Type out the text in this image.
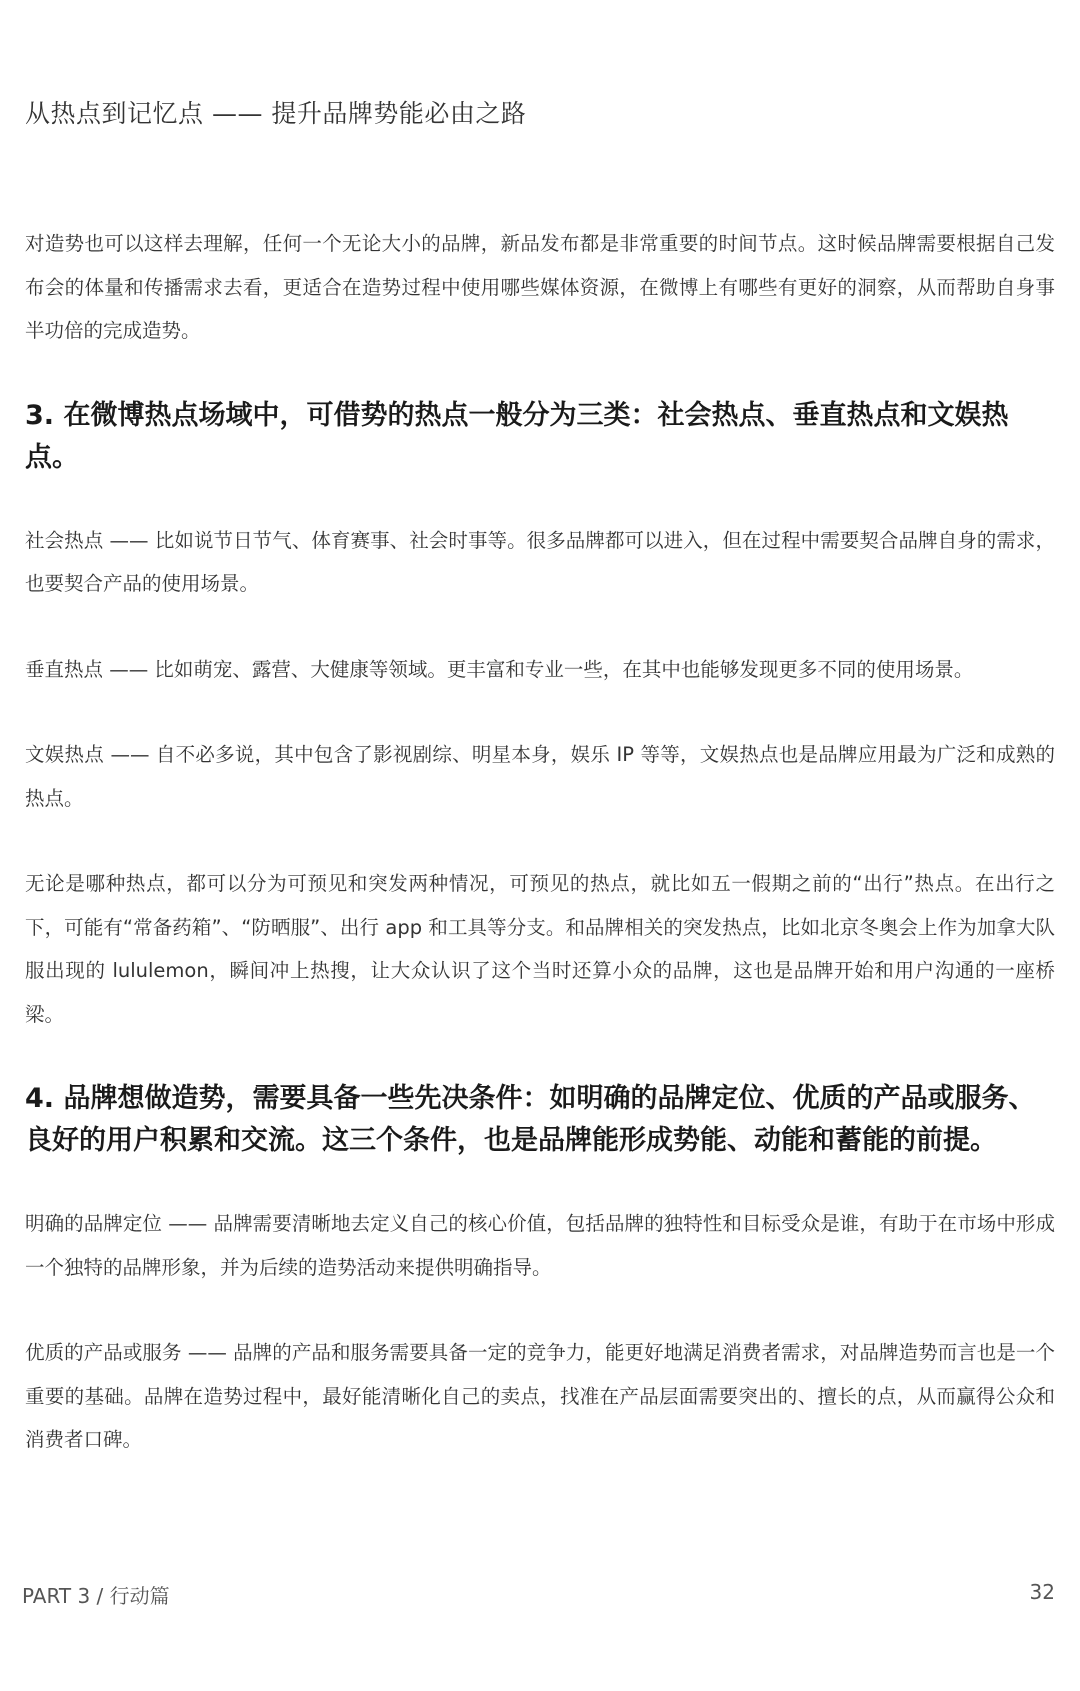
从热点到记忆点 —— 提升品牌势能必由之路

对造势也可以这样去理解，任何一个无论大小的品牌，新品发布都是非常重要的时间节点。这时候品牌需要根据自己发布会的体量和传播需求去看，更适合在造势过程中使用哪些媒体资源，在微博上有哪些有更好的洞察，从而帮助自身事半功倍的完成造势。

3. 在微博热点场域中，可借势的热点一般分为三类：社会热点、垂直热点和文娱热点。

社会热点 —— 比如说节日节气、体育赛事、社会时事等。很多品牌都可以进入，但在过程中需要契合品牌自身的需求，也要契合产品的使用场景。

垂直热点 —— 比如萌宠、露营、大健康等领域。更丰富和专业一些，在其中也能够发现更多不同的使用场景。

文娱热点 —— 自不必多说，其中包含了影视剧综、明星本身，娱乐 IP 等等，文娱热点也是品牌应用最为广泛和成熟的热点。

无论是哪种热点，都可以分为可预见和突发两种情况，可预见的热点，就比如五一假期之前的“出行”热点。在出行之下，可能有“常备药箱”、“防晒服”、出行 app 和工具等分支。和品牌相关的突发热点，比如北京冬奥会上作为加拿大队服出现的 lululemon，瞬间冲上热搜，让大众认识了这个当时还算小众的品牌，这也是品牌开始和用户沟通的一座桥梁。

4. 品牌想做造势，需要具备一些先决条件：如明确的品牌定位、优质的产品或服务、良好的用户积累和交流。这三个条件，也是品牌能形成势能、动能和蓄能的前提。

明确的品牌定位 —— 品牌需要清晰地去定义自己的核心价值，包括品牌的独特性和目标受众是谁，有助于在市场中形成一个独特的品牌形象，并为后续的造势活动来提供明确指导。

优质的产品或服务 —— 品牌的产品和服务需要具备一定的竞争力，能更好地满足消费者需求，对品牌造势而言也是一个重要的基础。品牌在造势过程中，最好能清晰化自己的卖点，找准在产品层面需要突出的、擅长的点，从而赢得公众和消费者口碑。

PART 3 / 行动篇	32
